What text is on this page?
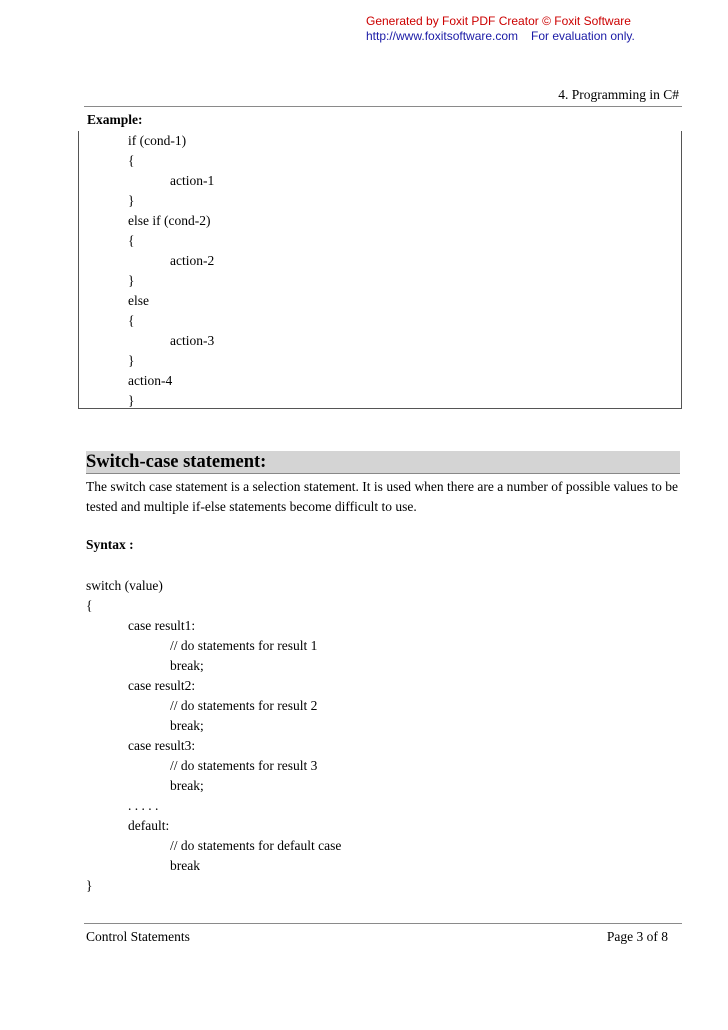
Generated by Foxit PDF Creator © Foxit Software
http://www.foxitsoftware.com For evaluation only.
4. Programming in C#
Example:
if (cond-1)
{
action-1
}
else if (cond-2)
{
action-2
}
else
{
action-3
}
action-4
}
Switch-case statement:
The switch case statement is a selection statement. It is used when there are a number of possible values to be tested and multiple if-else statements become difficult to use.
Syntax :
switch (value)
{
case result1:
// do statements for result 1
break;
case result2:
// do statements for result 2
break;
case result3:
// do statements for result 3
break;
. . . . .
default:
// do statements for default case
break
}
Control Statements	Page 3 of 8
